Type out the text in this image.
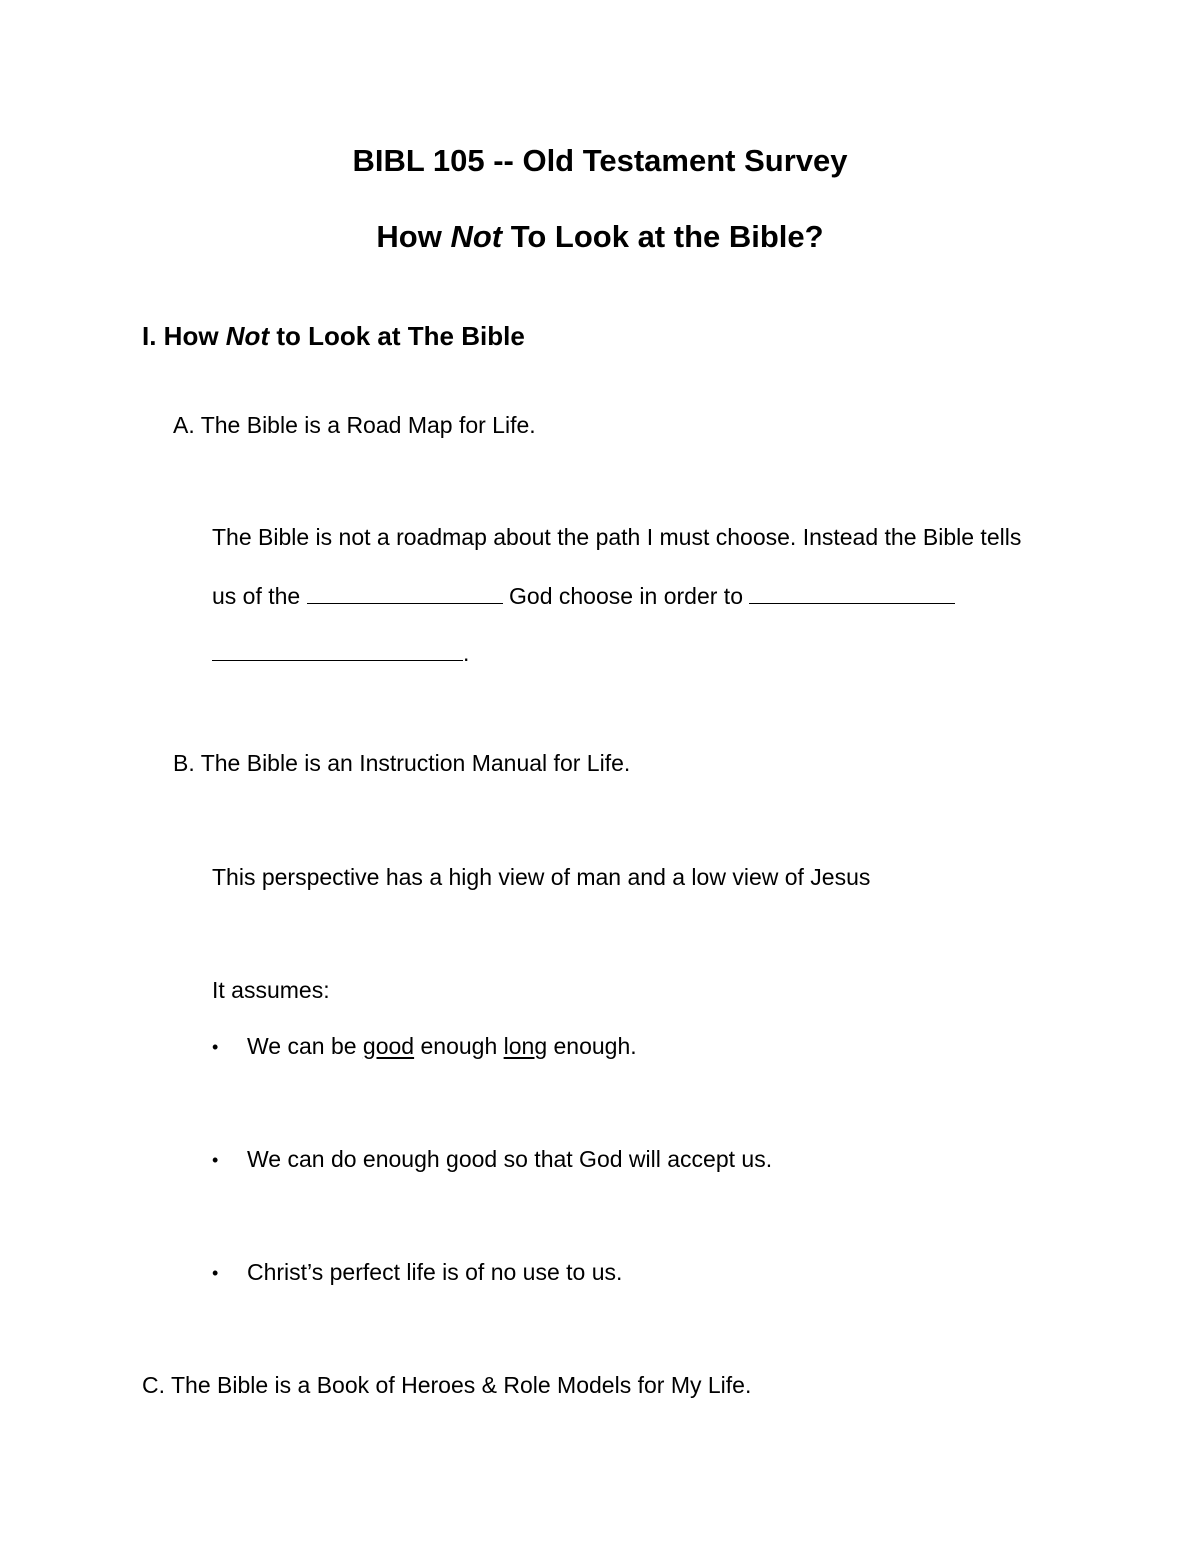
BIBL 105 -- Old Testament Survey
How Not To Look at the Bible?
I. How Not to Look at The Bible
A. The Bible is a Road Map for Life.
The Bible is not a roadmap about the path I must choose. Instead the Bible tells
us of the	God choose in order to
.
B. The Bible is an Instruction Manual for Life.
This perspective has a high view of man and a low view of Jesus
It assumes:
• We can be good enough long enough.
• We can do enough good so that God will accept us.
• Christ’s perfect life is of no use to us.
C. The Bible is a Book of Heroes & Role Models for My Life.
